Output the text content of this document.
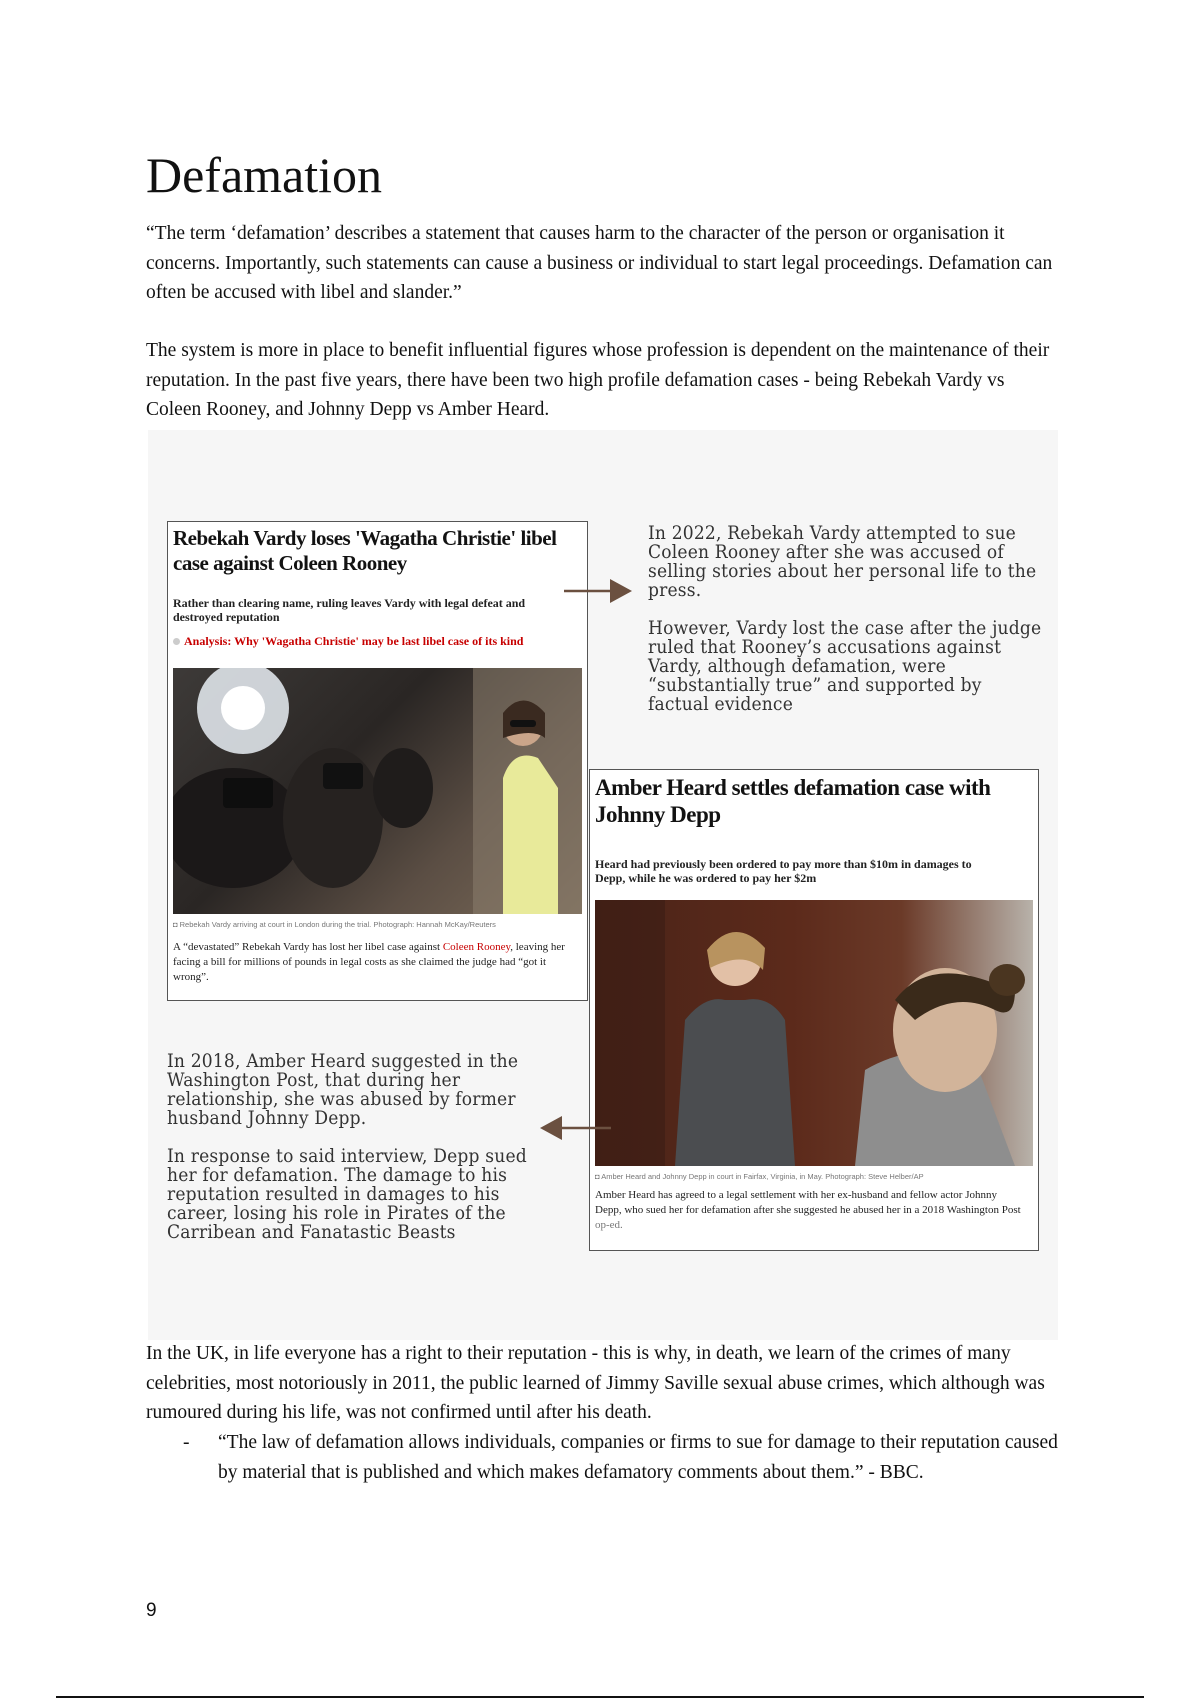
Defamation

“The term ‘defamation’ describes a statement that causes harm to the character of the person or organisation it concerns. Importantly, such statements can cause a business or individual to start legal proceedings. Defamation can often be accused with libel and slander.”

The system is more in place to benefit influential figures whose profession is dependent on the maintenance of their reputation. In the past five years, there have been two high profile defamation cases - being Rebekah Vardy vs Coleen Rooney, and Johnny Depp vs Amber Heard.

Rebekah Vardy loses 'Wagatha Christie' libel case against Coleen Rooney
Rather than clearing name, ruling leaves Vardy with legal defeat and destroyed reputation
Analysis: Why 'Wagatha Christie' may be last libel case of its kind
◘ Rebekah Vardy arriving at court in London during the trial. Photograph: Hannah McKay/Reuters
A “devastated” Rebekah Vardy has lost her libel case against Coleen Rooney, leaving her facing a bill for millions of pounds in legal costs as she claimed the judge had “got it wrong”.

In 2022, Rebekah Vardy attempted to sue Coleen Rooney after she was accused of selling stories about her personal life to the press.

However, Vardy lost the case after the judge ruled that Rooney’s accusations against Vardy, although defamation, were “substantially true” and supported by factual evidence

Amber Heard settles defamation case with Johnny Depp
Heard had previously been ordered to pay more than $10m in damages to Depp, while he was ordered to pay her $2m
◘ Amber Heard and Johnny Depp in court in Fairfax, Virginia, in May. Photograph: Steve Helber/AP
Amber Heard has agreed to a legal settlement with her ex-husband and fellow actor Johnny Depp, who sued her for defamation after she suggested he abused her in a 2018 Washington Post op-ed.

In 2018, Amber Heard suggested in the Washington Post, that during her relationship, she was abused by former husband Johnny Depp.

In response to said interview, Depp sued her for defamation. The damage to his reputation resulted in damages to his career, losing his role in Pirates of the Carribean and Fanatastic Beasts

In the UK, in life everyone has a right to their reputation - this is why, in death, we learn of the crimes of many celebrities, most notoriously in 2011, the public learned of Jimmy Saville sexual abuse crimes, which although was rumoured during his life, was not confirmed until after his death.

- “The law of defamation allows individuals, companies or firms to sue for damage to their reputation caused by material that is published and which makes defamatory comments about them.” - BBC.
9
